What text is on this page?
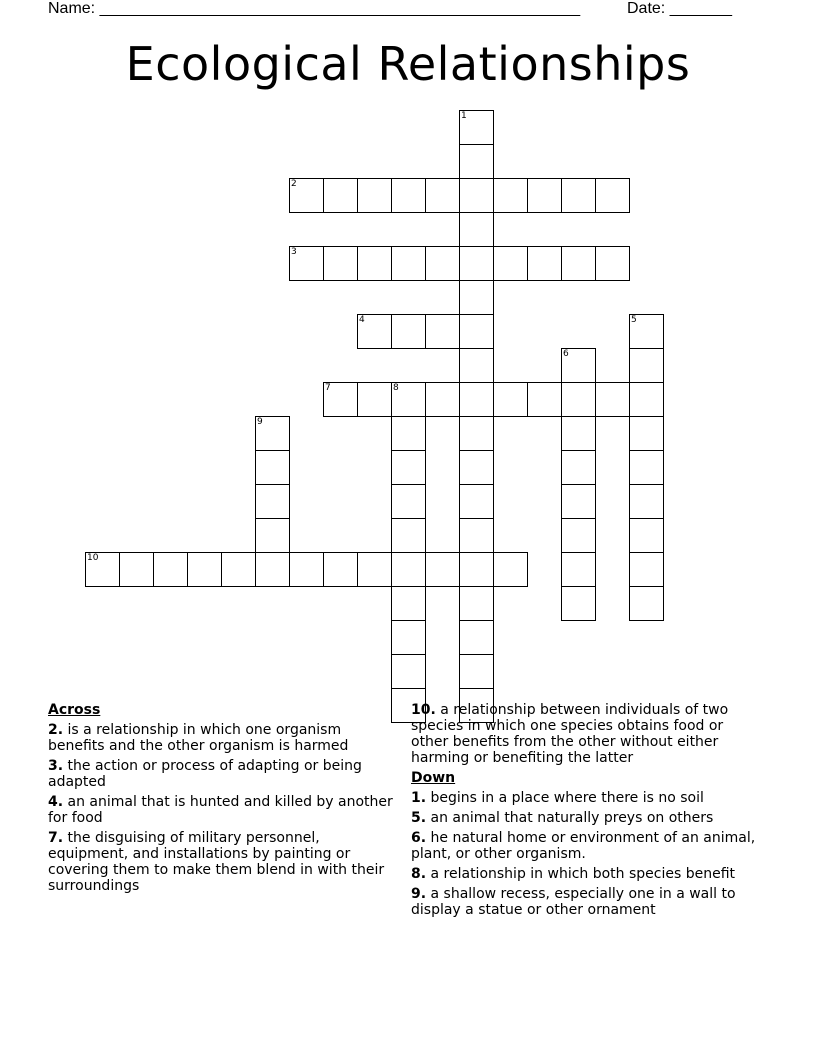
Name: ______________________________________________________	Date: _______
Ecological Relationships
1
2
3
4	5
6
7	8
9
10
Across
2. is a relationship in which one organism benefits and the other organism is harmed
3. the action or process of adapting or being adapted
4. an animal that is hunted and killed by another for food
7. the disguising of military personnel, equipment, and installations by painting or covering them to make them blend in with their surroundings
10. a relationship between individuals of two species in which one species obtains food or other benefits from the other without either harming or benefiting the latter
Down
1. begins in a place where there is no soil
5. an animal that naturally preys on others
6. he natural home or environment of an animal, plant, or other organism.
8. a relationship in which both species benefit
9. a shallow recess, especially one in a wall to display a statue or other ornament
